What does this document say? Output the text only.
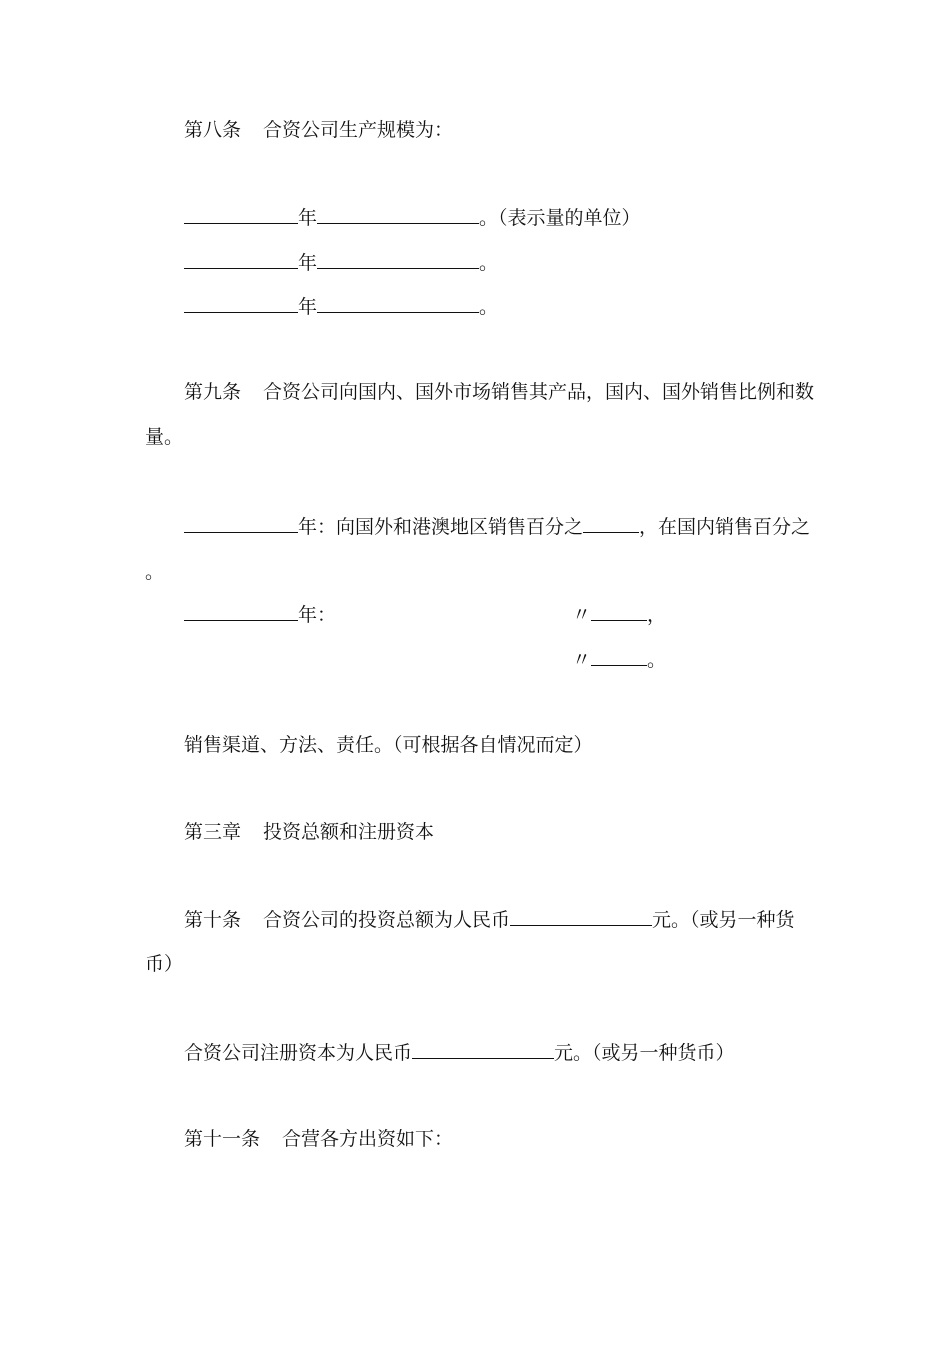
第八条 合资公司生产规模为：
年	。（表示量的单位）
年	。
年	。
第九条 合资公司向国内、国外市场销售其产品，国内、国外销售比例和数
量。
年：向国外和港澳地区销售百分之	，在国内销售百分之
。
年：	〃	，
〃	。
销售渠道、方法、责任。（可根据各自情况而定）
第三章 投资总额和注册资本
第十条 合资公司的投资总额为人民币	元。（或另一种货
币）
合资公司注册资本为人民币	元。（或另一种货币）
第十一条 合营各方出资如下：
